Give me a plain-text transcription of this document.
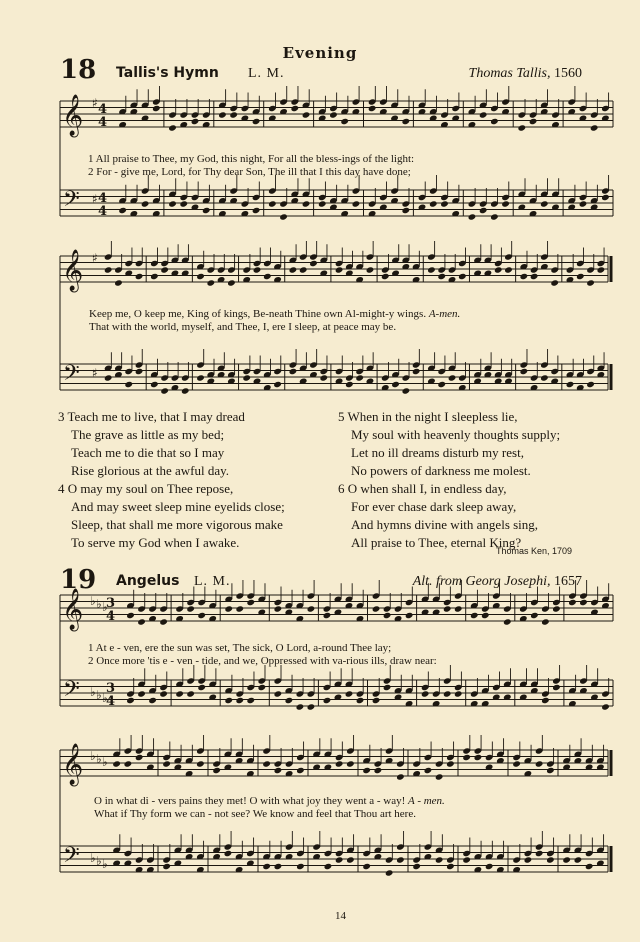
𝄞
𝄢
♯
♯
4
4
4
4
𝄞
𝄢
♯
♯
𝄞
𝄢
♭
♭
♭
♭
♭
♭
3
4
3
4
𝄞
𝄢
♭
♭
♭
♭
♭
♭
Evening
18 Tallis's Hymn L. M.	Thomas Tallis, 1560
1 All praise to Thee, my God, this night, For all the bless-ings of the light:
2 For - give me, Lord, for Thy dear Son, The ill that I this day have done;
Keep me, O keep me, King of kings, Be-neath Thine own Al-might-y wings. A-men.
That with the world, myself, and Thee, I, ere I sleep, at peace may be.
3 Teach me to live, that I may dread
The grave as little as my bed;
Teach me to die that so I may
Rise glorious at the awful day.
4 O may my soul on Thee repose,
And may sweet sleep mine eyelids close;
Sleep, that shall me more vigorous make
To serve my God when I awake.
5 When in the night I sleepless lie,
My soul with heavenly thoughts supply;
Let no ill dreams disturb my rest,
No powers of darkness me molest.
6 O when shall I, in endless day,
For ever chase dark sleep away,
And hymns divine with angels sing,
All praise to Thee, eternal King?
Thomas Ken, 1709
19 Angelus L. M.	Alt. from Georg Josephi, 1657
1 At e - ven, ere the sun was set, The sick, O Lord, a-round Thee lay;
2 Once more 'tis e - ven - tide, and we, Oppressed with va-rious ills, draw near:
O in what di - vers pains they met! O with what joy they went a - way! A - men.
What if Thy form we can - not see? We know and feel that Thou art here.
14
